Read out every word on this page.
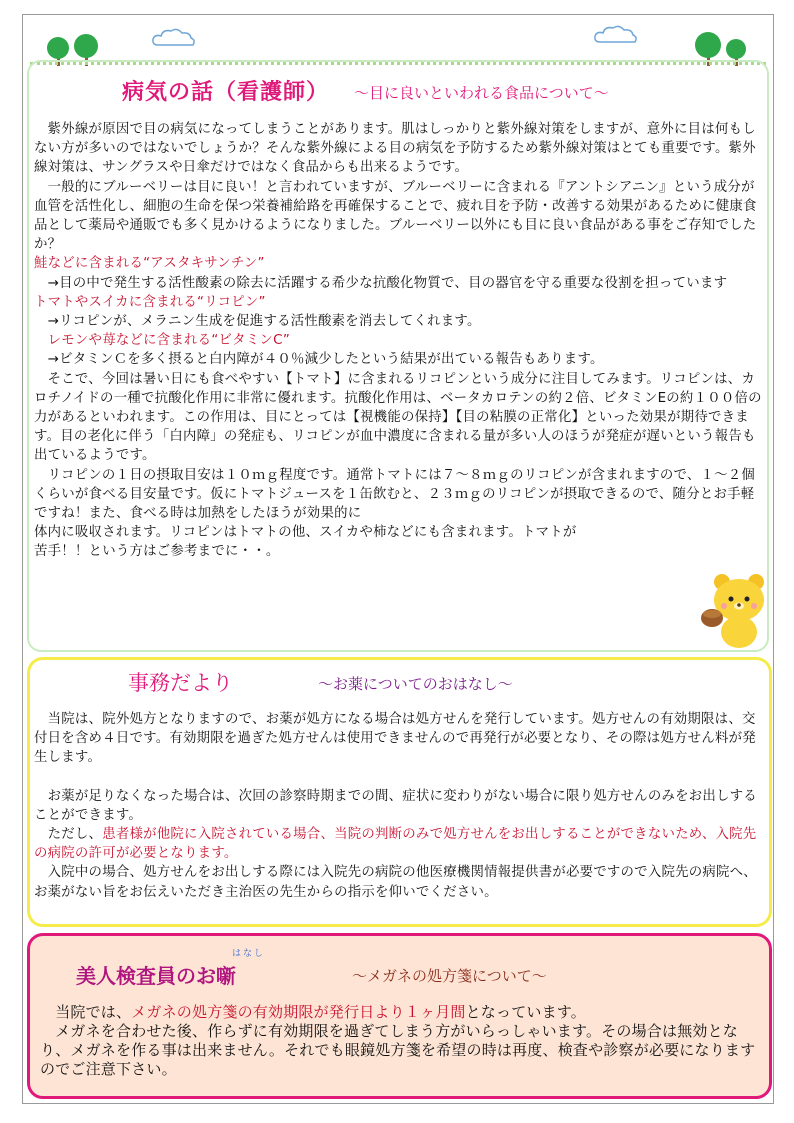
病気の話（看護師） ～目に良いといわれる食品について～

　紫外線が原因で目の病気になってしまうことがあります。肌はしっかりと紫外線対策をしますが、意外に目は何もしない方が多いのではないでしょうか？そんな紫外線による目の病気を予防するため紫外線対策はとても重要です。紫外線対策は、サングラスや日傘だけではなく食品からも出来るようです。

　一般的にブルーベリーは目に良い！と言われていますが、ブルーベリーに含まれる『アントシアニン』という成分が血管を活性化し、細胞の生命を保つ栄養補給路を再確保することで、疲れ目を予防・改善する効果があるために健康食品として薬局や通販でも多く見かけるようになりました。ブルーベリー以外にも目に良い食品がある事をご存知でしたか？

鮭などに含まれる“アスタキサンチン”

　→目の中で発生する活性酸素の除去に活躍する希少な抗酸化物質で、目の器官を守る重要な役割を担っています

トマトやスイカに含まれる“リコピン”

　→リコピンが、メラニン生成を促進する活性酸素を消去してくれます。

　レモンや苺などに含まれる“ビタミンC”

　→ビタミンＣを多く摂ると白内障が４０％減少したという結果が出ている報告もあります。

　そこで、今回は暑い日にも食べやすい【トマト】に含まれるリコピンという成分に注目してみます。リコピンは、カロチノイドの一種で抗酸化作用に非常に優れます。抗酸化作用は、ベータカロテンの約２倍、ビタミンEの約１００倍の力があるといわれます。この作用は、目にとっては【視機能の保持】【目の粘膜の正常化】といった効果が期待できます。目の老化に伴う「白内障」の発症も、リコピンが血中濃度に含まれる量が多い人のほうが発症が遅いという報告も出ているようです。

　リコピンの１日の摂取目安は１０ｍｇ程度です。通常トマトには７～８ｍｇのリコピンが含まれますので、１～２個くらいが食べる目安量です。仮にトマトジュースを１缶飲むと、２３ｍｇのリコピンが摂取できるので、随分とお手軽ですね！また、食べる時は加熱をしたほうが効果的に

体内に吸収されます。リコピンはトマトの他、スイカや柿などにも含まれます。トマトが

苦手！！という方はご参考までに・・。

事務だより	～お薬についてのおはなし～

　当院は、院外処方となりますので、お薬が処方になる場合は処方せんを発行しています。処方せんの有効期限は、交付日を含め４日です。有効期限を過ぎた処方せんは使用できませんので再発行が必要となり、その際は処方せん料が発生します。

　お薬が足りなくなった場合は、次回の診察時期までの間、症状に変わりがない場合に限り処方せんのみをお出しすることができます。

　ただし、患者様が他院に入院されている場合、当院の判断のみで処方せんをお出しすることができないため、入院先の病院の許可が必要となります。

　入院中の場合、処方せんをお出しする際には入院先の病院の他医療機関情報提供書が必要ですので入院先の病院へ、お薬がない旨をお伝えいただき主治医の先生からの指示を仰いでください。

はなし
美人検査員のお噺	～メガネの処方箋について～

　当院では、メガネの処方箋の有効期限が発行日より１ヶ月間となっています。

　メガネを合わせた後、作らずに有効期限を過ぎてしまう方がいらっしゃいます。その場合は無効となり、メガネを作る事は出来ません。それでも眼鏡処方箋を希望の時は再度、検査や診察が必要になりますのでご注意下さい。
